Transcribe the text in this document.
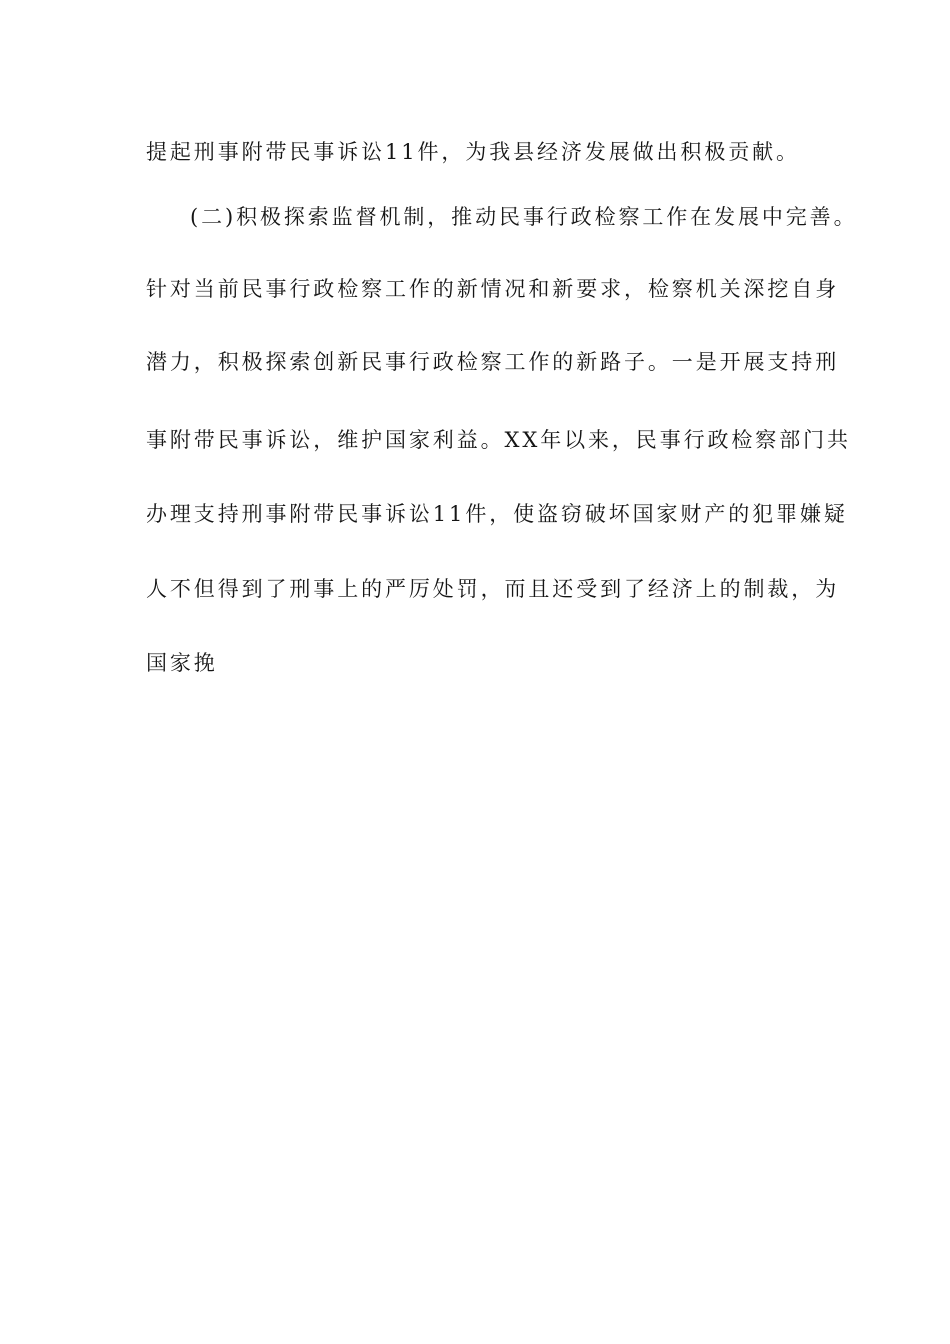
提起刑事附带民事诉讼11件，为我县经济发展做出积极贡献。
(二)积极探索监督机制，推动民事行政检察工作在发展中完善。
针对当前民事行政检察工作的新情况和新要求，检察机关深挖自身
潜力，积极探索创新民事行政检察工作的新路子。一是开展支持刑
事附带民事诉讼，维护国家利益。XX年以来，民事行政检察部门共
办理支持刑事附带民事诉讼11件，使盗窃破坏国家财产的犯罪嫌疑
人不但得到了刑事上的严厉处罚，而且还受到了经济上的制裁，为
国家挽
